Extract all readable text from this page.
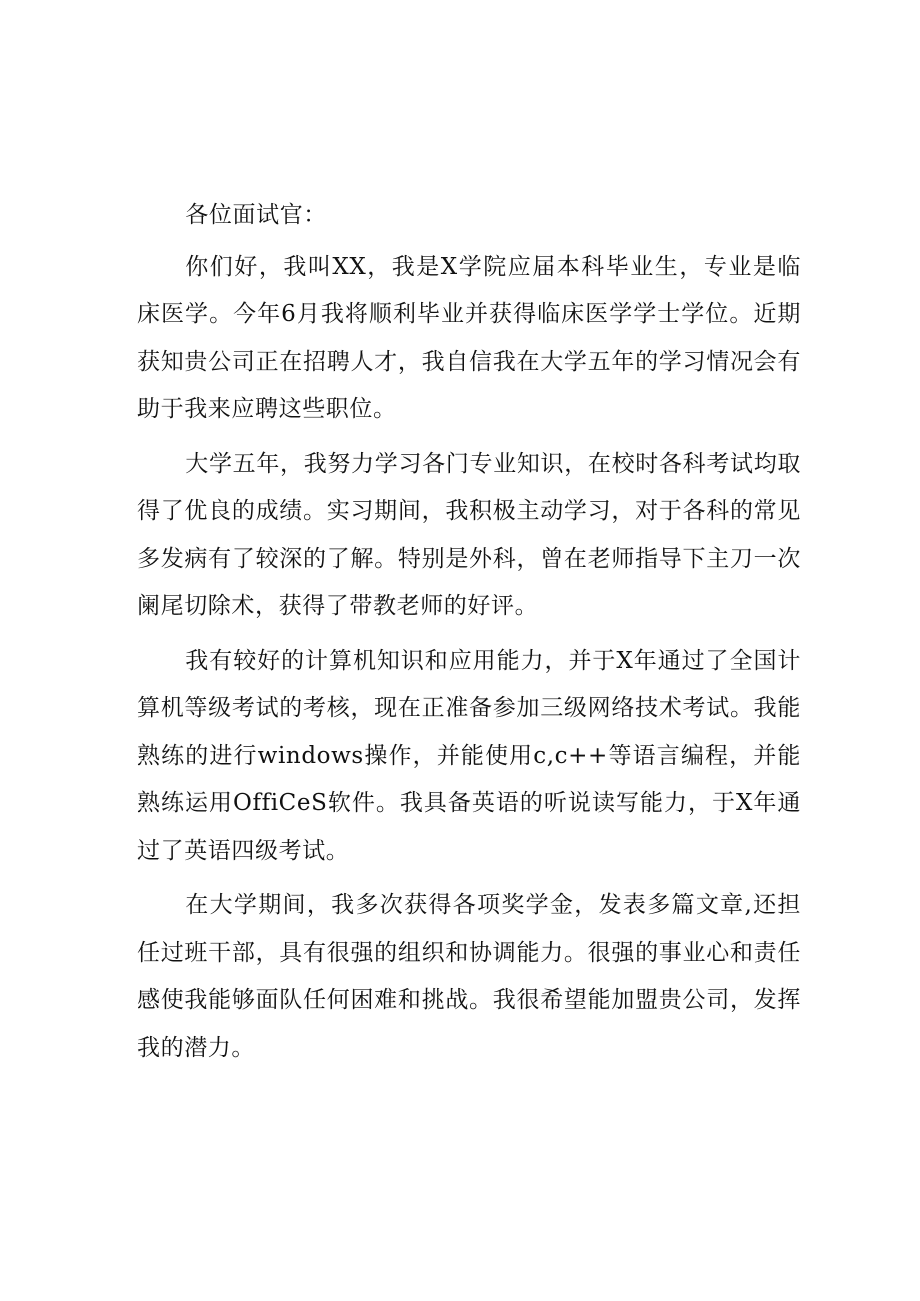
各位面试官：

你们好，我叫XX，我是X学院应届本科毕业生，专业是临床医学。今年6月我将顺利毕业并获得临床医学学士学位。近期获知贵公司正在招聘人才，我自信我在大学五年的学习情况会有助于我来应聘这些职位。

大学五年，我努力学习各门专业知识，在校时各科考试均取得了优良的成绩。实习期间，我积极主动学习，对于各科的常见多发病有了较深的了解。特别是外科，曾在老师指导下主刀一次阑尾切除术，获得了带教老师的好评。

我有较好的计算机知识和应用能力，并于X年通过了全国计算机等级考试的考核，现在正准备参加三级网络技术考试。我能熟练的进行windows操作，并能使用c,c++等语言编程，并能熟练运用OffiCeS软件。我具备英语的听说读写能力，于X年通过了英语四级考试。

在大学期间，我多次获得各项奖学金，发表多篇文章,还担任过班干部，具有很强的组织和协调能力。很强的事业心和责任感使我能够面队任何困难和挑战。我很希望能加盟贵公司，发挥我的潜力。
